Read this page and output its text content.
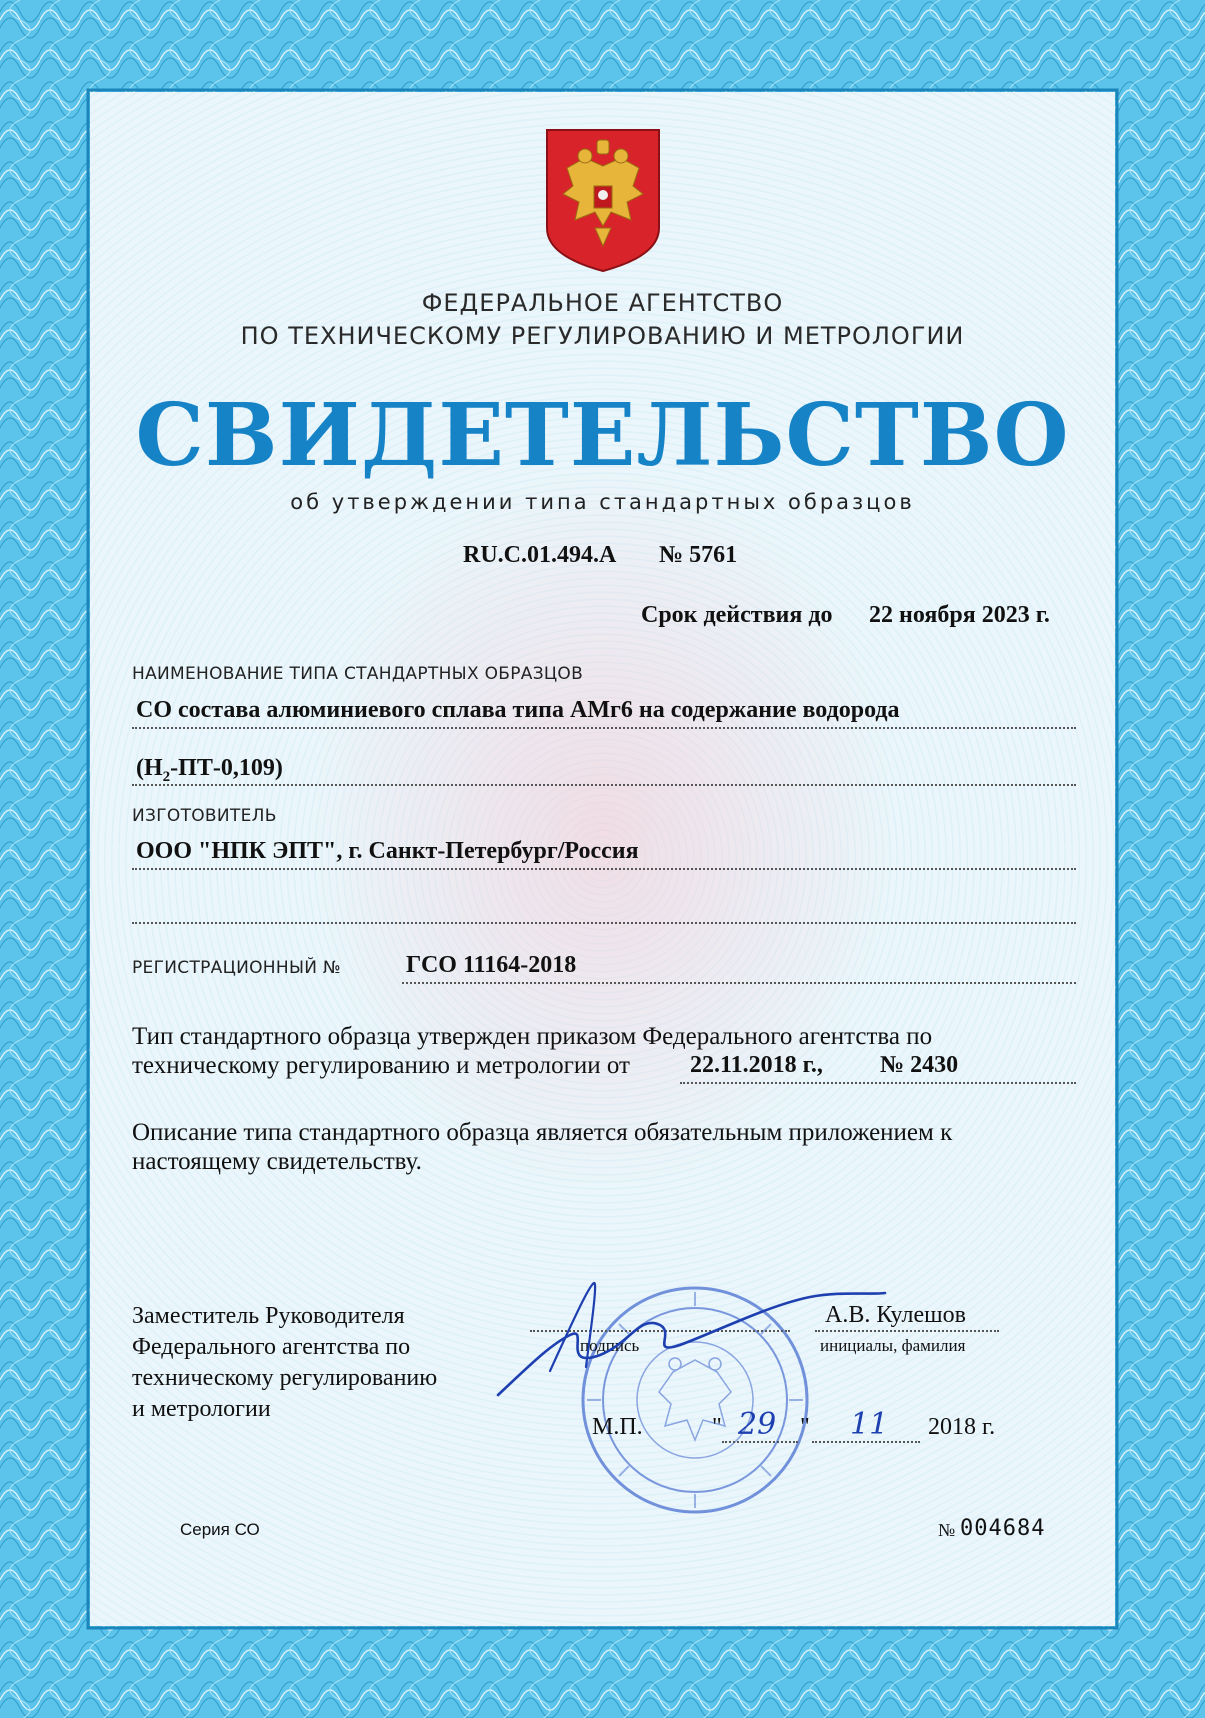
ФЕДЕРАЛЬНОЕ АГЕНТСТВО
ПО ТЕХНИЧЕСКОМУ РЕГУЛИРОВАНИЮ И МЕТРОЛОГИИ
СВИДЕТЕЛЬСТВО
об утверждении типа стандартных образцов
RU.C.01.494.A № 5761
Срок действия до 22 ноября 2023 г.
НАИМЕНОВАНИЕ ТИПА СТАНДАРТНЫХ ОБРАЗЦОВ
СО состава алюминиевого сплава типа АМг6 на содержание водорода
$(H_2-ПТ-0,109)$
ИЗГОТОВИТЕЛЬ
ООО "НПК ЭПТ", г. Санкт-Петербург/Россия
РЕГИСТРАЦИОННЫЙ №	ГСО 11164-2018
Тип стандартного образца утвержден приказом Федерального агентства по
техническому регулированию и метрологии от	22.11.2018 г., № 2430
Описание типа стандартного образца является обязательным приложением к
настоящему свидетельству.
Заместитель Руководителя
Федерального агентства по
техническому регулированию
и метрологии
подпись
А.В. Кулешов
инициалы, фамилия
М.П.	" 29 " 11 2018 г.
Серия СО	№ 004684
